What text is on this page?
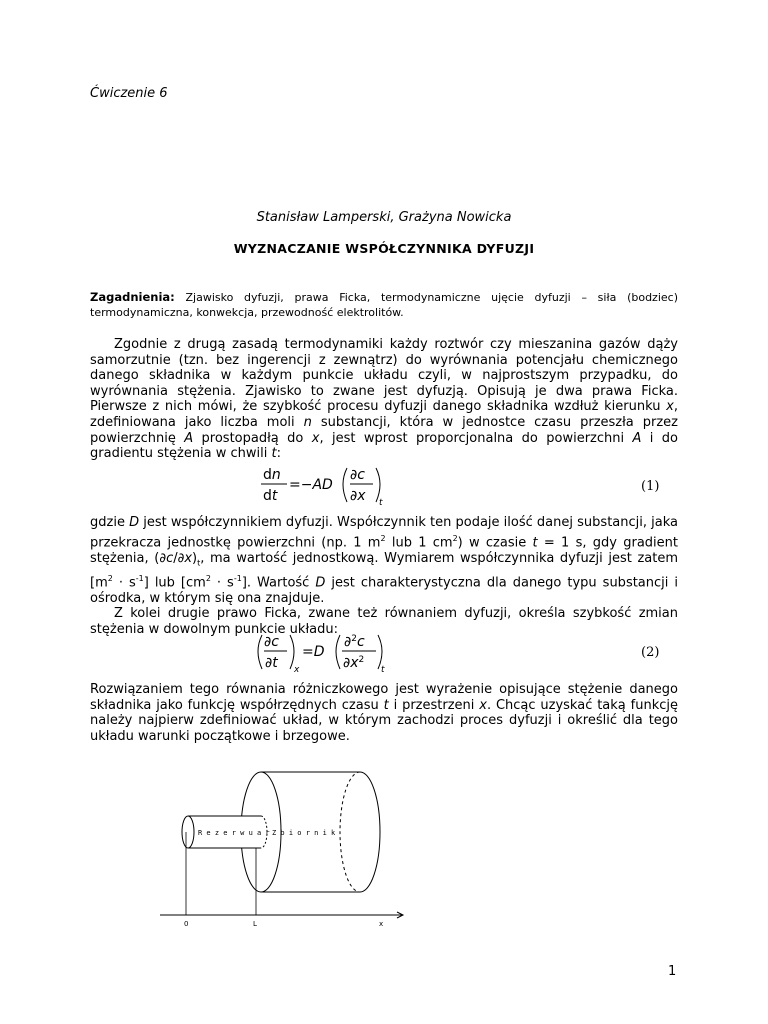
Ćwiczenie 6
Stanisław Lamperski, Grażyna Nowicka
WYZNACZANIE WSPÓŁCZYNNIKA DYFUZJI
Zagadnienia: Zjawisko dyfuzji, prawa Ficka, termodynamiczne ujęcie dyfuzji – siła (bodziec) termodynamiczna, konwekcja, przewodność elektrolitów.

Zgodnie z drugą zasadą termodynamiki każdy roztwór czy mieszanina gazów dąży samorzutnie (tzn. bez ingerencji z zewnątrz) do wyrównania potencjału chemicznego danego składnika w każdym punkcie układu czyli, w najprostszym przypadku, do wyrównania stężenia. Zjawisko to zwane jest dyfuzją. Opisują je dwa prawa Ficka. Pierwsze z nich mówi, że szybkość procesu dyfuzji danego składnika wzdłuż kierunku x, zdefiniowana jako liczba moli n substancji, która w jednostce czasu przeszła przez powierzchnię A prostopadłą do x, jest wprost proporcjonalna do powierzchni A i do gradientu stężenia w chwili t:

dn
dt
=−AD
∂c
∂x t
(1)

gdzie D jest współczynnikiem dyfuzji. Współczynnik ten podaje ilość danej substancji, jaka przekracza jednostkę powierzchni (np. 1 $m^2$ lub 1 $cm^2$) w czasie t = 1 s, gdy gradient stężenia, $(\partial c/\partial x)_t$, ma wartość jednostkową. Wymiarem współczynnika dyfuzji jest zatem $[m^2 \cdot s^{-1}]$ lub $[cm^2 \cdot s^{-1}]$. Wartość D jest charakterystyczna dla danego typu substancji i ośrodka, w którym się ona znajduje.

Z kolei drugie prawo Ficka, zwane też równaniem dyfuzji, określa szybkość zmian stężenia w dowolnym punkcie układu:

∂c
∂t x
=D
∂$^2$c
$\partial x^2$
t
(2)

Rozwiązaniem tego równania różniczkowego jest wyrażenie opisujące stężenie danego składnika jako funkcję współrzędnych czasu t i przestrzeni x. Chcąc uzyskać taką funkcję należy najpierw zdefiniować układ, w którym zachodzi proces dyfuzji i określić dla tego układu warunki początkowe i brzegowe.

R e z e r w u a r Z b i o r n i k
0	L	x
1
